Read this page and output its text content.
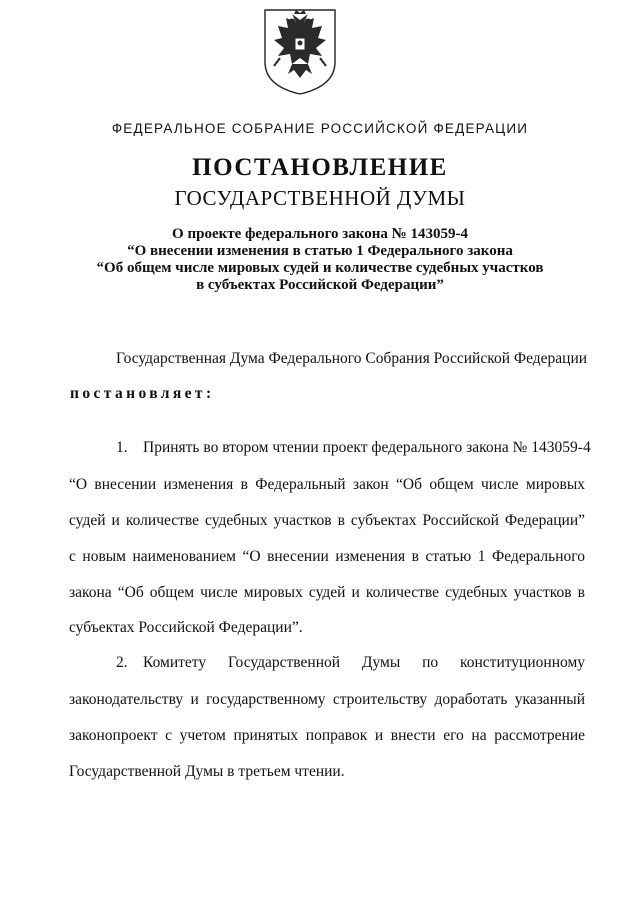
ФЕДЕРАЛЬНОЕ СОБРАНИЕ РОССИЙСКОЙ ФЕДЕРАЦИИ
ПОСТАНОВЛЕНИЕ
ГОСУДАРСТВЕННОЙ ДУМЫ
О проекте федерального закона № 143059-4
“О внесении изменения в статью 1 Федерального закона
“Об общем числе мировых судей и количестве судебных участков
в субъектах Российской Федерации”
Государственная Дума Федерального Собрания Российской Федерации
постановляет:
1. Принять во втором чтении проект федерального закона № 143059-4
“О внесении изменения в Федеральный закон “Об общем числе мировых
судей и количестве судебных участков в субъектах Российской Федерации”
с новым наименованием “О внесении изменения в статью 1 Федерального
закона “Об общем числе мировых судей и количестве судебных участков в
субъектах Российской Федерации”.
2. Комитету Государственной Думы по конституционному
законодательству и государственному строительству доработать указанный
законопроект с учетом принятых поправок и внести его на рассмотрение
Государственной Думы в третьем чтении.
